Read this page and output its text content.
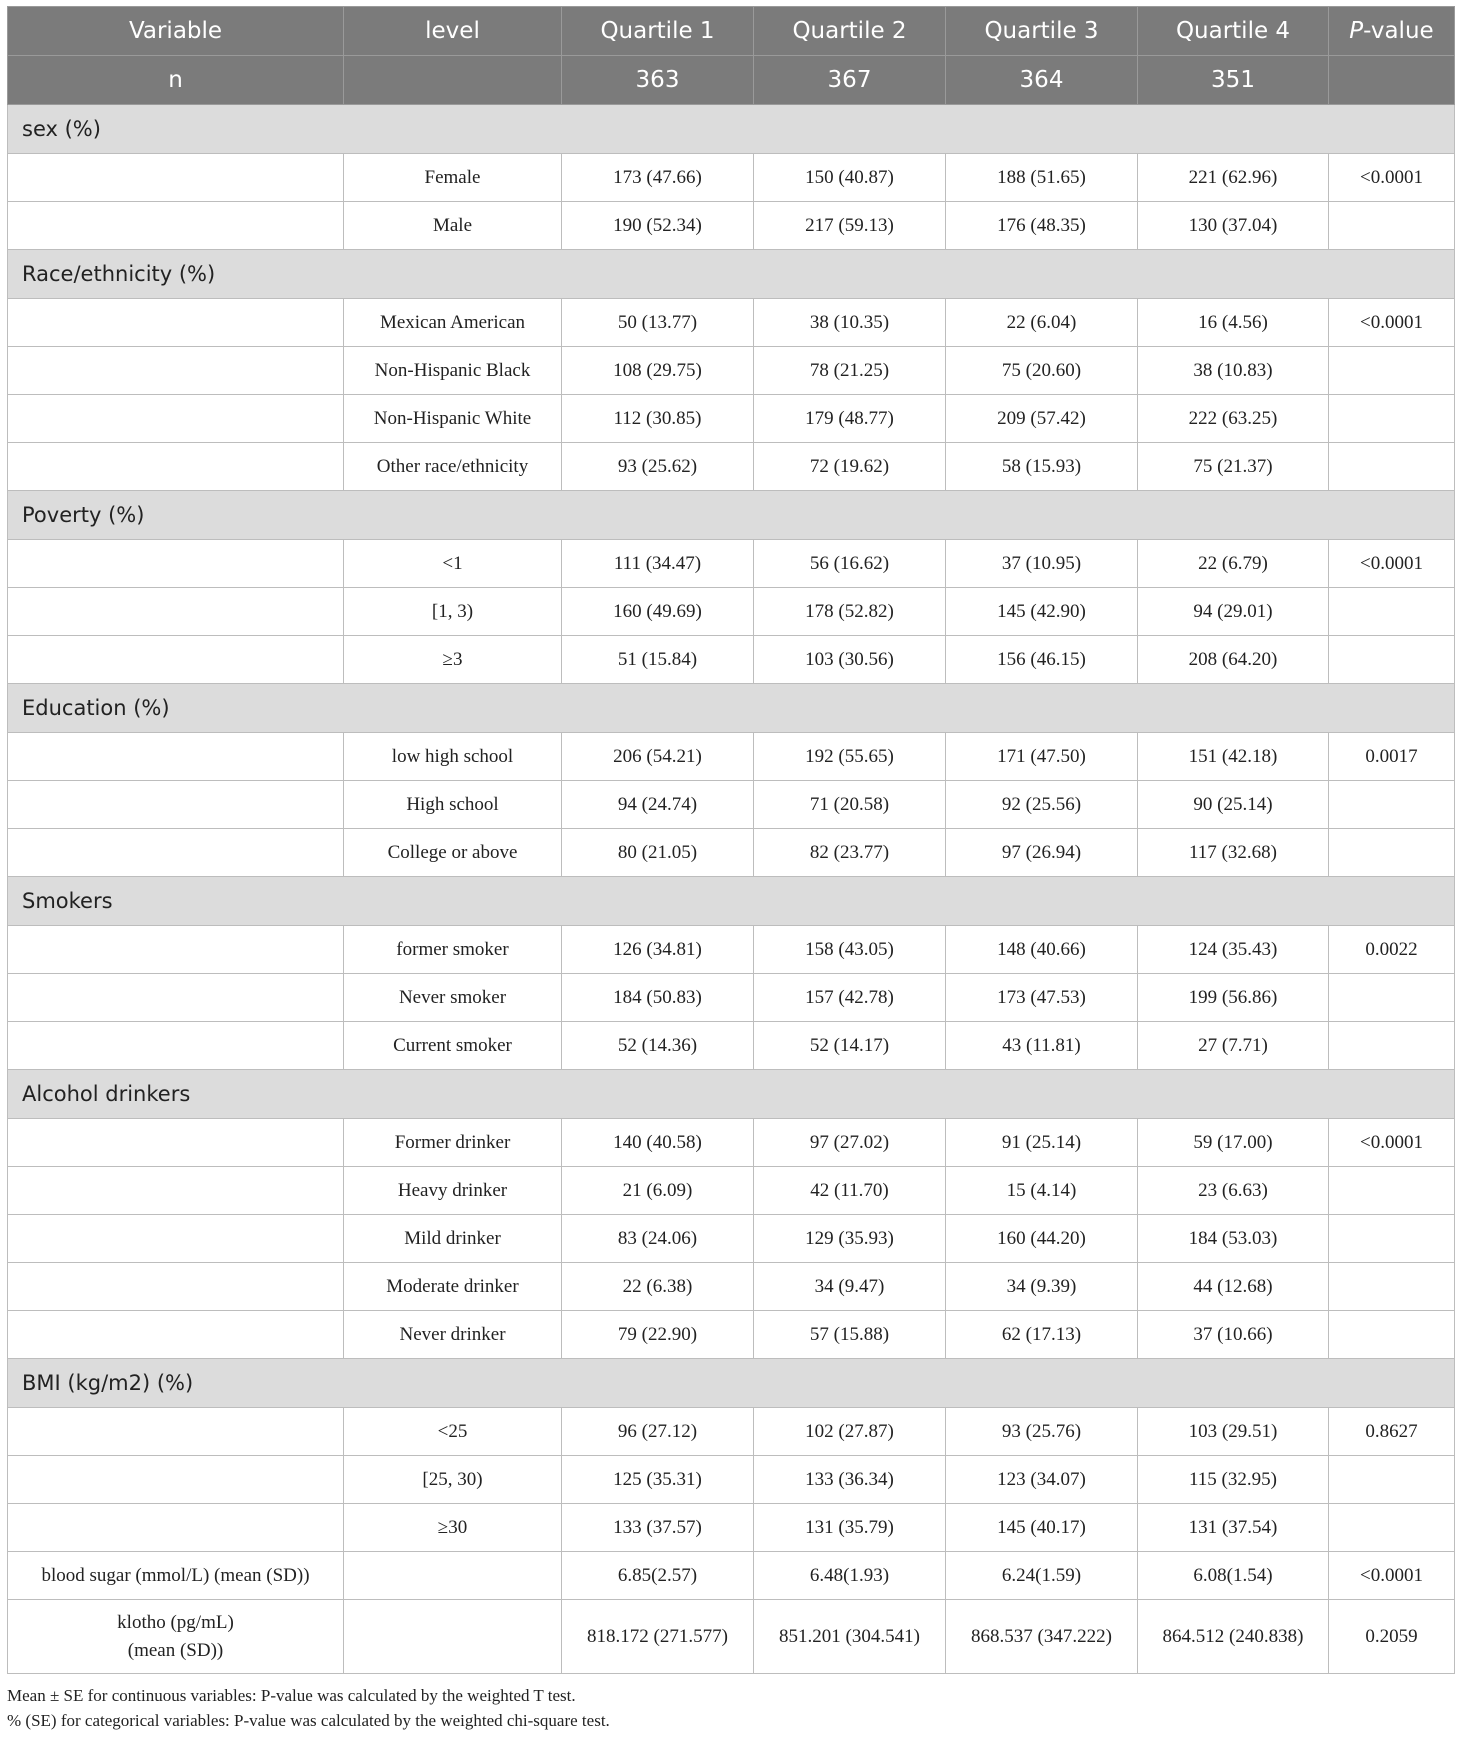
Variable	level	Quartile 1	Quartile 2	Quartile 3	Quartile 4	P-value
n		363	367	364	351	
sex (%)						
	Female	173 (47.66)	150 (40.87)	188 (51.65)	221 (62.96)	<0.0001
	Male	190 (52.34)	217 (59.13)	176 (48.35)	130 (37.04)	
Race/ethnicity (%)						
	Mexican American	50 (13.77)	38 (10.35)	22 (6.04)	16 (4.56)	<0.0001
	Non-Hispanic Black	108 (29.75)	78 (21.25)	75 (20.60)	38 (10.83)	
	Non-Hispanic White	112 (30.85)	179 (48.77)	209 (57.42)	222 (63.25)	
	Other race/ethnicity	93 (25.62)	72 (19.62)	58 (15.93)	75 (21.37)	
Poverty (%)						
	<1	111 (34.47)	56 (16.62)	37 (10.95)	22 (6.79)	<0.0001
	[1, 3)	160 (49.69)	178 (52.82)	145 (42.90)	94 (29.01)	
	≥3	51 (15.84)	103 (30.56)	156 (46.15)	208 (64.20)	
Education (%)						
	low high school	206 (54.21)	192 (55.65)	171 (47.50)	151 (42.18)	0.0017
	High school	94 (24.74)	71 (20.58)	92 (25.56)	90 (25.14)	
	College or above	80 (21.05)	82 (23.77)	97 (26.94)	117 (32.68)	
Smokers						
	former smoker	126 (34.81)	158 (43.05)	148 (40.66)	124 (35.43)	0.0022
	Never smoker	184 (50.83)	157 (42.78)	173 (47.53)	199 (56.86)	
	Current smoker	52 (14.36)	52 (14.17)	43 (11.81)	27 (7.71)	
Alcohol drinkers						
	Former drinker	140 (40.58)	97 (27.02)	91 (25.14)	59 (17.00)	<0.0001
	Heavy drinker	21 (6.09)	42 (11.70)	15 (4.14)	23 (6.63)	
	Mild drinker	83 (24.06)	129 (35.93)	160 (44.20)	184 (53.03)	
	Moderate drinker	22 (6.38)	34 (9.47)	34 (9.39)	44 (12.68)	
	Never drinker	79 (22.90)	57 (15.88)	62 (17.13)	37 (10.66)	
BMI (kg/m2) (%)						
	<25	96 (27.12)	102 (27.87)	93 (25.76)	103 (29.51)	0.8627
	[25, 30)	125 (35.31)	133 (36.34)	123 (34.07)	115 (32.95)	
	≥30	133 (37.57)	131 (35.79)	145 (40.17)	131 (37.54)	
blood sugar (mmol/L) (mean (SD))		6.85(2.57)	6.48(1.93)	6.24(1.59)	6.08(1.54)	<0.0001
klotho (pg/mL)
(mean (SD))		818.172 (271.577)	851.201 (304.541)	868.537 (347.222)	864.512 (240.838)	0.2059
Mean ± SE for continuous variables: P-value was calculated by the weighted T test.
% (SE) for categorical variables: P-value was calculated by the weighted chi-square test.
